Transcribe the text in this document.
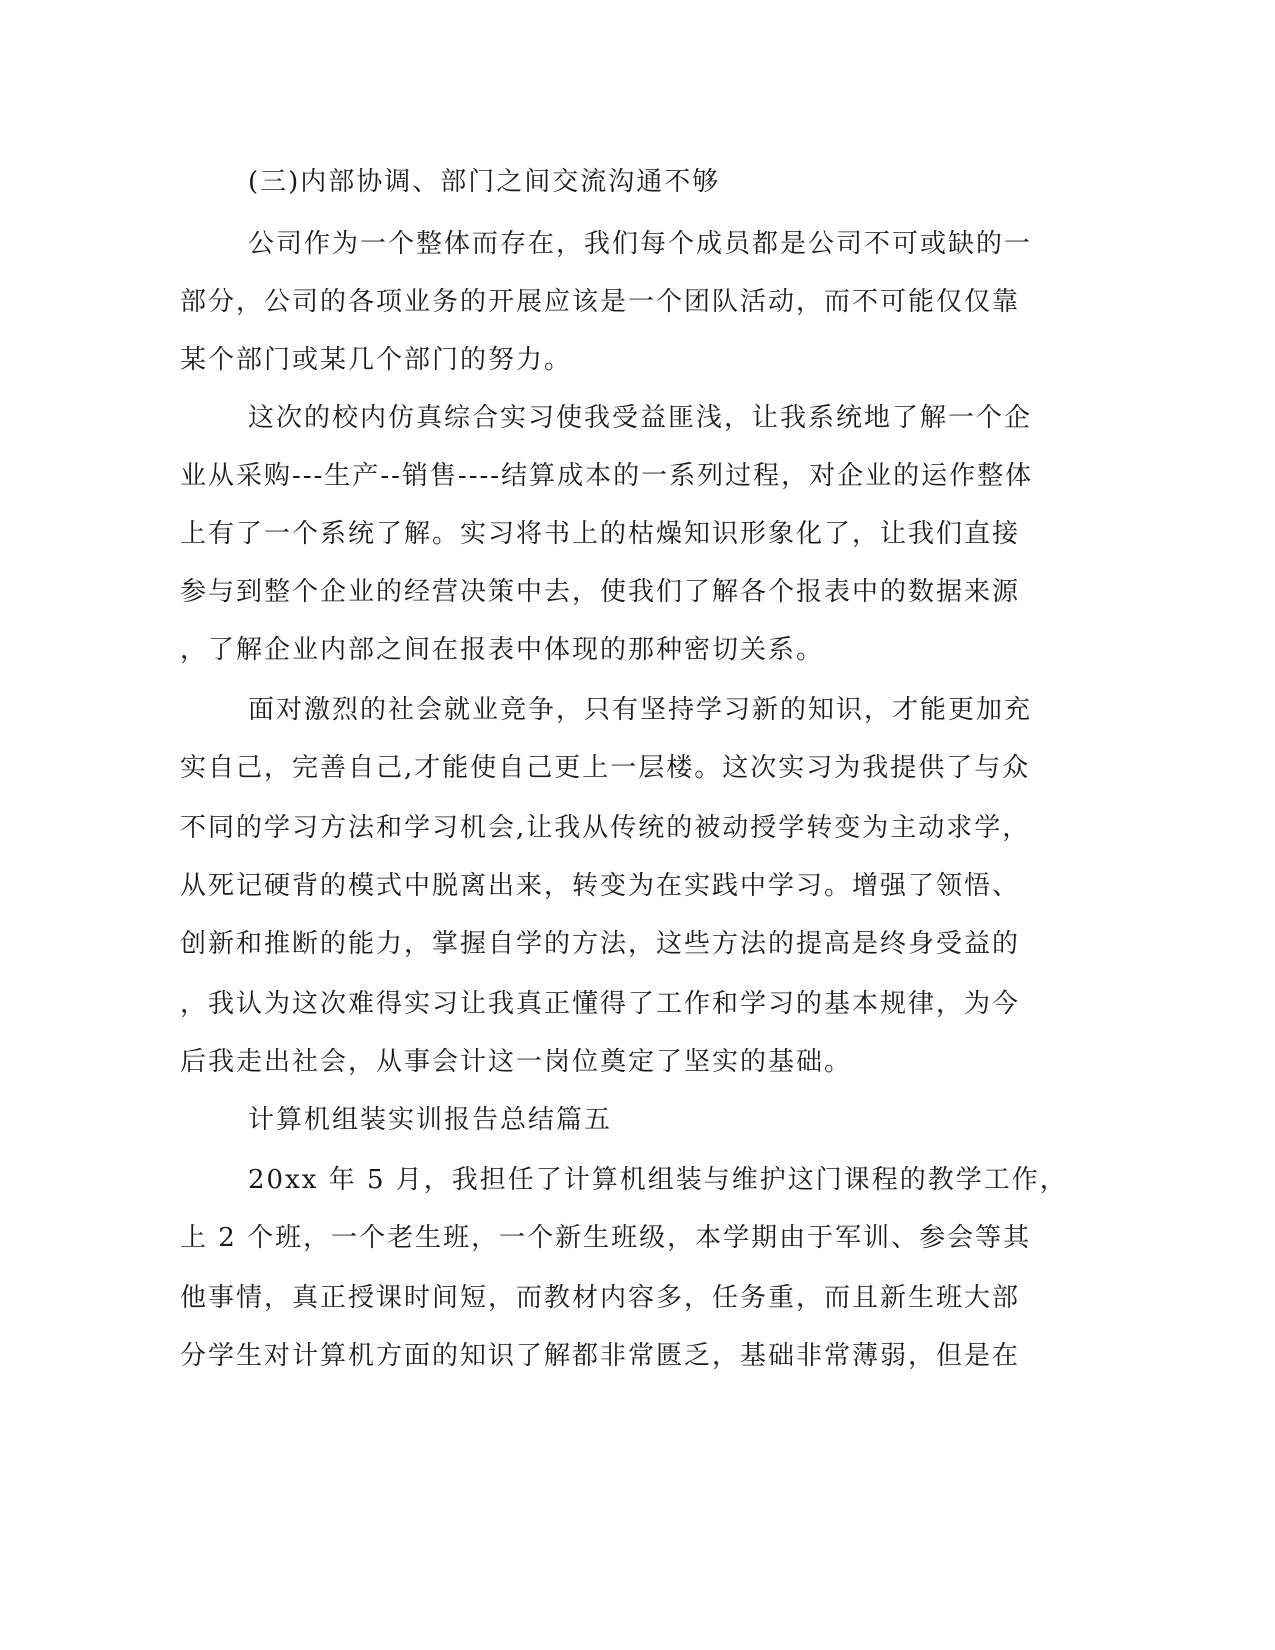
(三)内部协调、部门之间交流沟通不够
公司作为一个整体而存在，我们每个成员都是公司不可或缺的一
部分，公司的各项业务的开展应该是一个团队活动，而不可能仅仅靠
某个部门或某几个部门的努力。
这次的校内仿真综合实习使我受益匪浅，让我系统地了解一个企
业从采购---生产--销售----结算成本的一系列过程，对企业的运作整体
上有了一个系统了解。实习将书上的枯燥知识形象化了，让我们直接
参与到整个企业的经营决策中去，使我们了解各个报表中的数据来源
，了解企业内部之间在报表中体现的那种密切关系。
面对激烈的社会就业竞争，只有坚持学习新的知识，才能更加充
实自己，完善自己,才能使自己更上一层楼。这次实习为我提供了与众
不同的学习方法和学习机会,让我从传统的被动授学转变为主动求学，
从死记硬背的模式中脱离出来，转变为在实践中学习。增强了领悟、
创新和推断的能力，掌握自学的方法，这些方法的提高是终身受益的
，我认为这次难得实习让我真正懂得了工作和学习的基本规律，为今
后我走出社会，从事会计这一岗位奠定了坚实的基础。
计算机组装实训报告总结篇五
20xx 年 5 月，我担任了计算机组装与维护这门课程的教学工作，
上 2 个班，一个老生班，一个新生班级，本学期由于军训、参会等其
他事情，真正授课时间短，而教材内容多，任务重，而且新生班大部
分学生对计算机方面的知识了解都非常匮乏，基础非常薄弱，但是在
